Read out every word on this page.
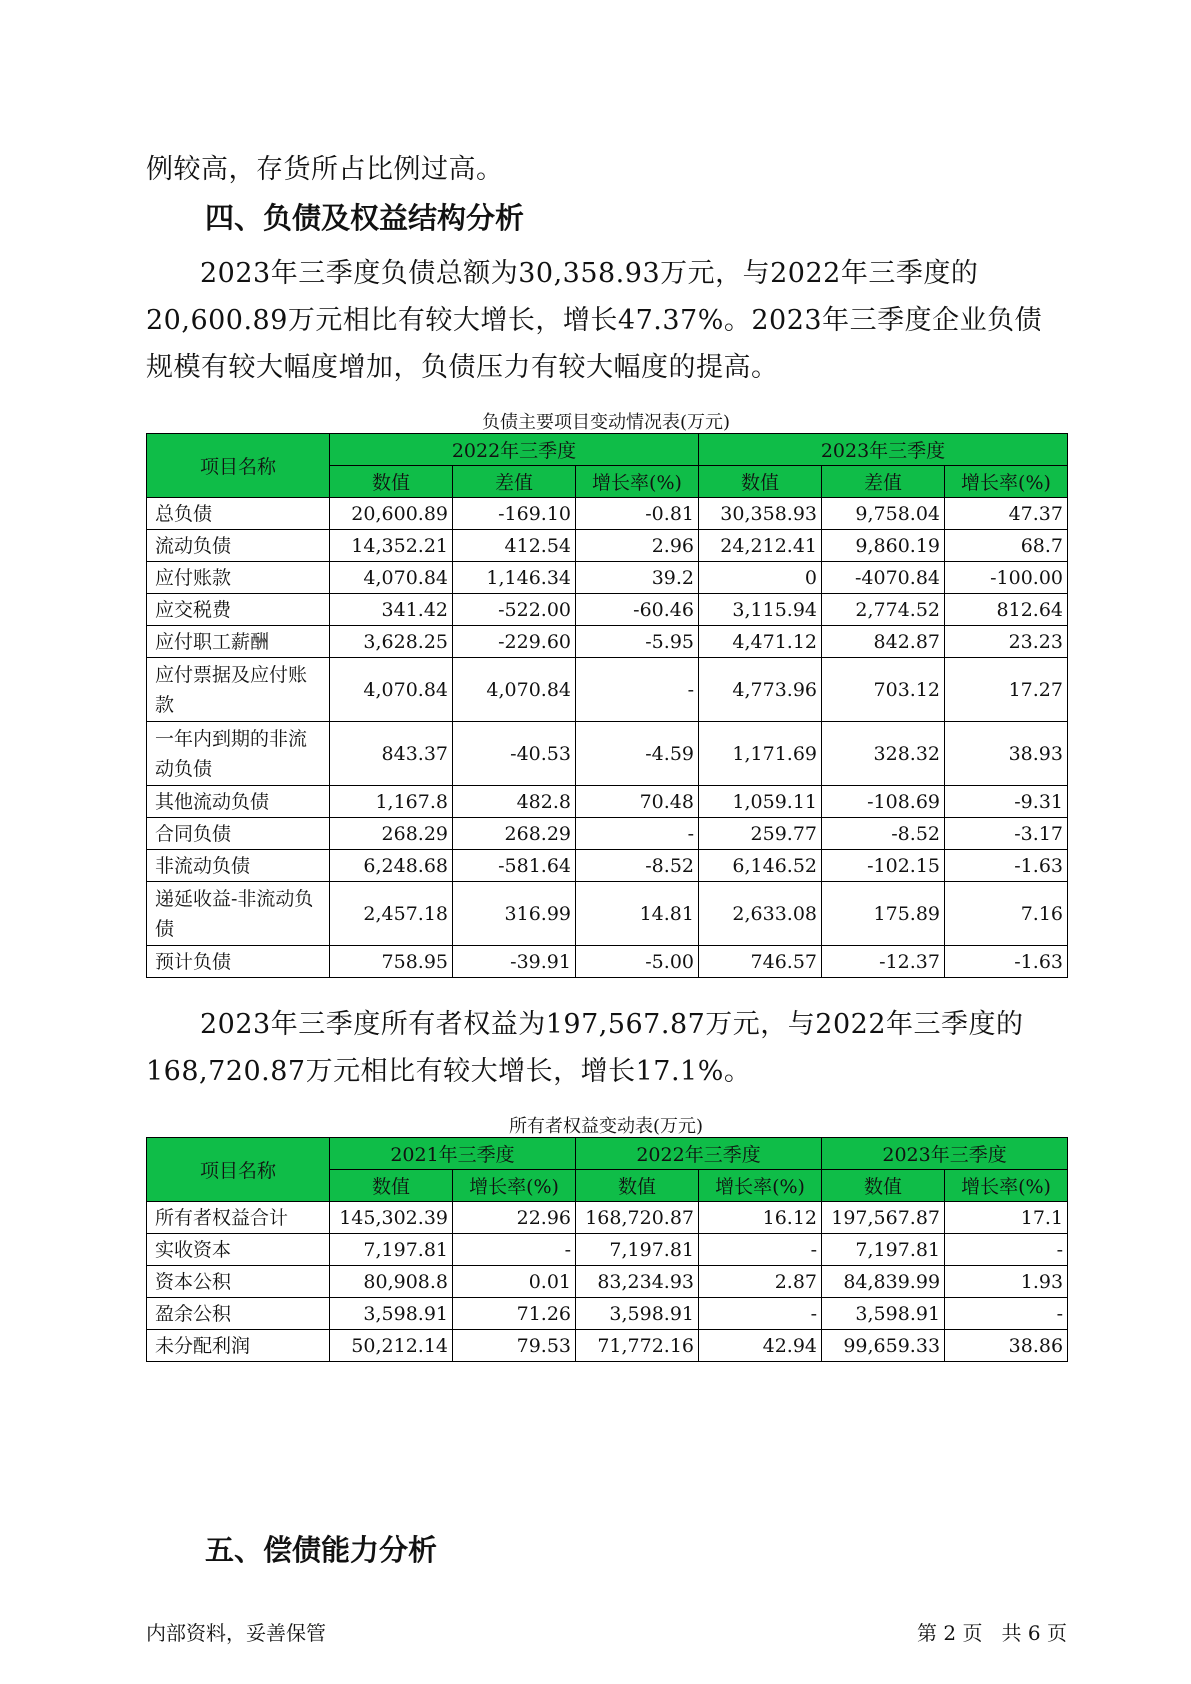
例较高，存货所占比例过高。

四、负债及权益结构分析

2023年三季度负债总额为30,358.93万元，与2022年三季度的20,600.89万元相比有较大增长，增长47.37%。2023年三季度企业负债规模有较大幅度增加，负债压力有较大幅度的提高。

负债主要项目变动情况表(万元)
项目名称	2022年三季度			2023年三季度		
	数值	差值	增长率(%)	数值	差值	增长率(%)
总负债	20,600.89	-169.10	-0.81	30,358.93	9,758.04	47.37
流动负债	14,352.21	412.54	2.96	24,212.41	9,860.19	68.7
应付账款	4,070.84	1,146.34	39.2	0	-4070.84	-100.00
应交税费	341.42	-522.00	-60.46	3,115.94	2,774.52	812.64
应付职工薪酬	3,628.25	-229.60	-5.95	4,471.12	842.87	23.23
应付票据及应付账款	4,070.84	4,070.84	-	4,773.96	703.12	17.27
一年内到期的非流动负债	843.37	-40.53	-4.59	1,171.69	328.32	38.93
其他流动负债	1,167.8	482.8	70.48	1,059.11	-108.69	-9.31
合同负债	268.29	268.29	-	259.77	-8.52	-3.17
非流动负债	6,248.68	-581.64	-8.52	6,146.52	-102.15	-1.63
递延收益-非流动负债	2,457.18	316.99	14.81	2,633.08	175.89	7.16
预计负债	758.95	-39.91	-5.00	746.57	-12.37	-1.63

2023年三季度所有者权益为197,567.87万元，与2022年三季度的168,720.87万元相比有较大增长，增长17.1%。

所有者权益变动表(万元)
项目名称	2021年三季度		2022年三季度		2023年三季度	
	数值	增长率(%)	数值	增长率(%)	数值	增长率(%)
所有者权益合计	145,302.39	22.96	168,720.87	16.12	197,567.87	17.1
实收资本	7,197.81	-	7,197.81	-	7,197.81	-
资本公积	80,908.8	0.01	83,234.93	2.87	84,839.99	1.93
盈余公积	3,598.91	71.26	3,598.91	-	3,598.91	-
未分配利润	50,212.14	79.53	71,772.16	42.94	99,659.33	38.86
五、偿债能力分析
内部资料，妥善保管	第 2 页   共 6 页
